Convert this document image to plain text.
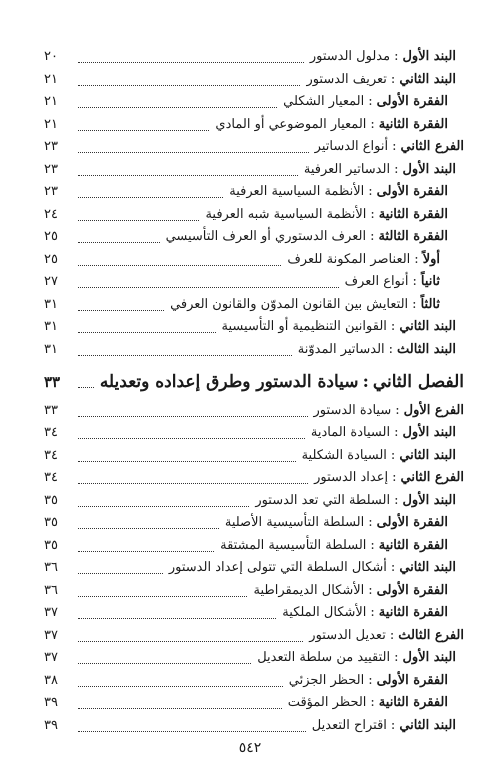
البند الأول
:
مدلول الدستور
٢٠
البند الثاني
:
تعريف الدستور
٢١
الفقرة الأولى
:
المعيار الشكلي
٢١
الفقرة الثانية
:
المعيار الموضوعي أو المادي
٢١
الفرع الثاني
:
أنواع الدساتير
٢٣
البند الأول
:
الدساتير العرفية
٢٣
الفقرة الأولى
:
الأنظمة السياسية العرفية
٢٣
الفقرة الثانية
:
الأنظمة السياسية شبه العرفية
٢٤
الفقرة الثالثة
:
العرف الدستوري أو العرف التأسيسي
٢٥
أولاً
:
العناصر المكونة للعرف
٢٥
ثانياً
:
أنواع العرف
٢٧
ثالثاً
:
التعايش بين القانون المدوّن والقانون العرفي
٣١
البند الثاني
:
القوانين التنظيمية أو التأسيسية
٣١
البند الثالث
:
الدساتير المدوّنة
٣١
الفصل الثاني
:
سيادة الدستور وطرق إعداده وتعديله
٣٣
الفرع الأول
:
سيادة الدستور
٣٣
البند الأول
:
السيادة المادية
٣٤
البند الثاني
:
السيادة الشكلية
٣٤
الفرع الثاني
:
إعداد الدستور
٣٤
البند الأول
:
السلطة التي تعد الدستور
٣٥
الفقرة الأولى
:
السلطة التأسيسية الأصلية
٣٥
الفقرة الثانية
:
السلطة التأسيسية المشتقة
٣٥
البند الثاني
:
أشكال السلطة التي تتولى إعداد الدستور
٣٦
الفقرة الأولى
:
الأشكال الديمقراطية
٣٦
الفقرة الثانية
:
الأشكال الملكية
٣٧
الفرع الثالث
:
تعديل الدستور
٣٧
البند الأول
:
التقييد من سلطة التعديل
٣٧
الفقرة الأولى
:
الحظر الجزئي
٣٨
الفقرة الثانية
:
الحظر المؤقت
٣٩
البند الثاني
:
اقتراح التعديل
٣٩
٥٤٢
